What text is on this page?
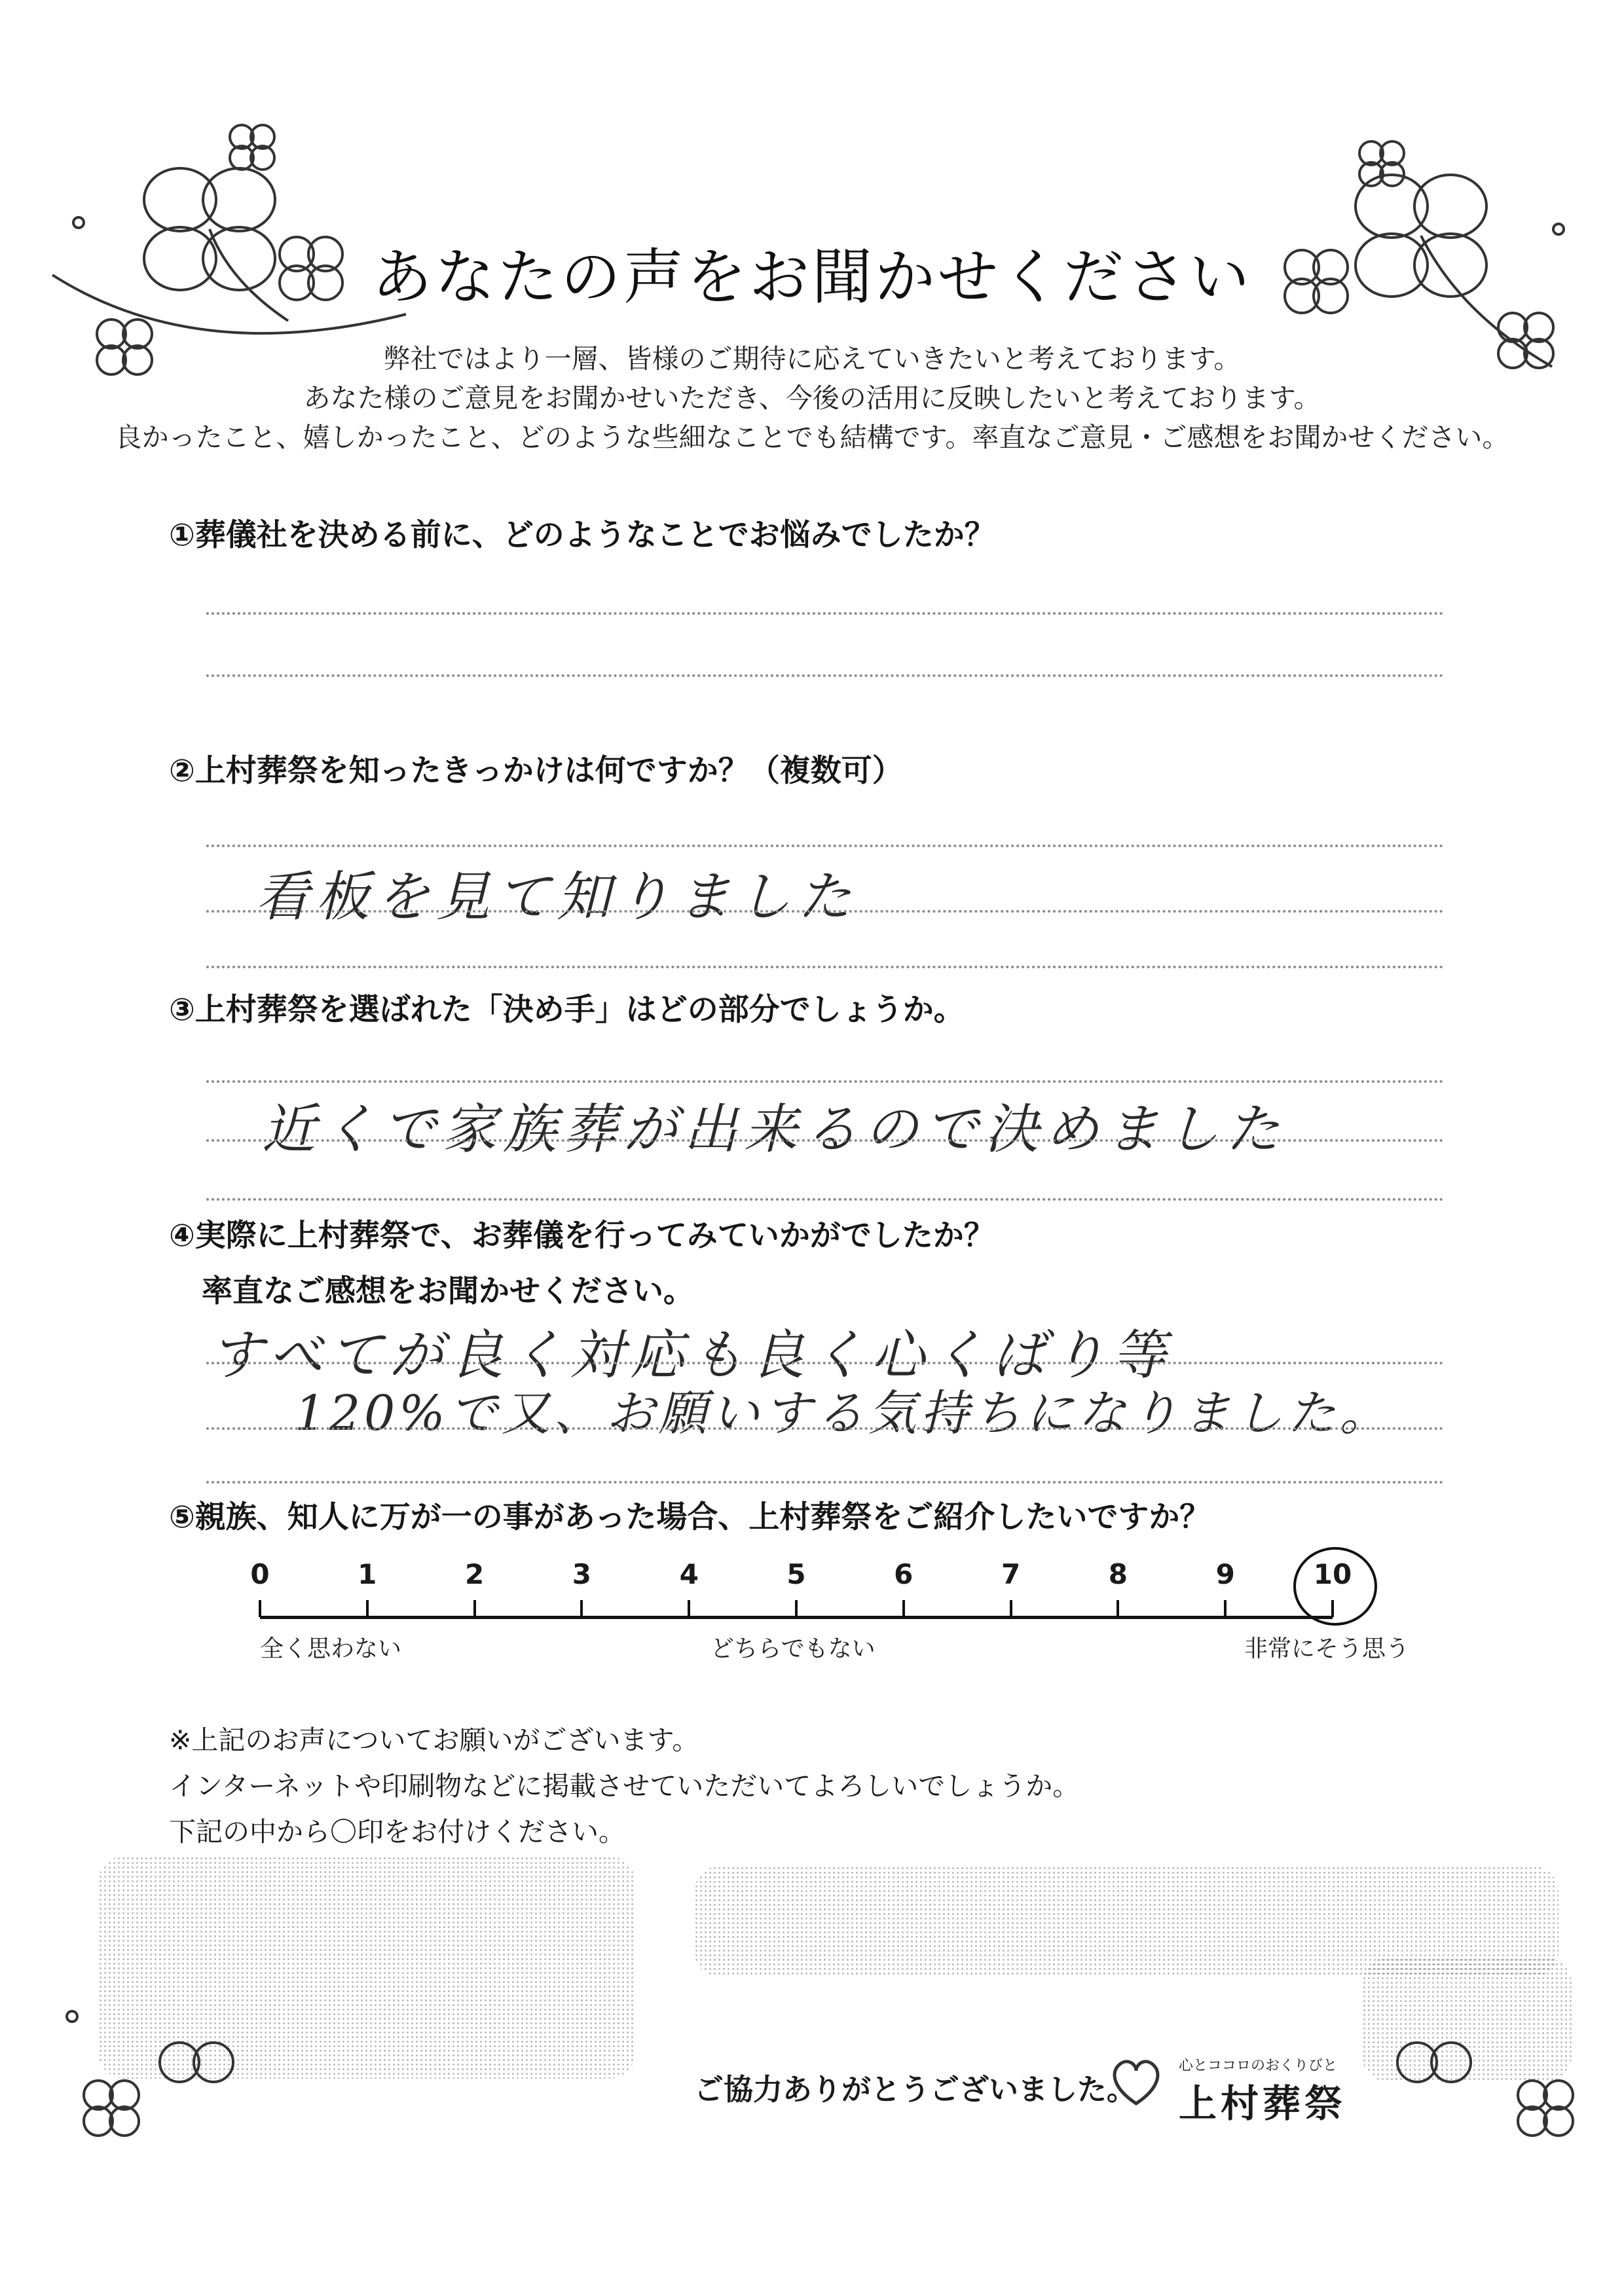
あなたの声をお聞かせください
弊社ではより一層、皆様のご期待に応えていきたいと考えております。
あなた様のご意見をお聞かせいただき、今後の活用に反映したいと考えております。
良かったこと、嬉しかったこと、どのような些細なことでも結構です。率直なご意見・ご感想をお聞かせください。
①葬儀社を決める前に、どのようなことでお悩みでしたか？
②上村葬祭を知ったきっかけは何ですか？（複数可）
看板を見て知りました
③上村葬祭を選ばれた「決め手」はどの部分でしょうか。
近くで家族葬が出来るので決めました
④実際に上村葬祭で、お葬儀を行ってみていかがでしたか？
率直なご感想をお聞かせください。
すべてが良く対応も良く心くばり等
120%で又、お願いする気持ちになりました。
⑤親族、知人に万が一の事があった場合、上村葬祭をご紹介したいですか？
0	1	2	3	4	5	6	7	8	9	10
全く思わない	どちらでもない	非常にそう思う
※上記のお声についてお願いがございます。
インターネットや印刷物などに掲載させていただいてよろしいでしょうか。
下記の中から〇印をお付けください。
ご協力ありがとうございました。
心とココロのおくりびと
上村葬祭
